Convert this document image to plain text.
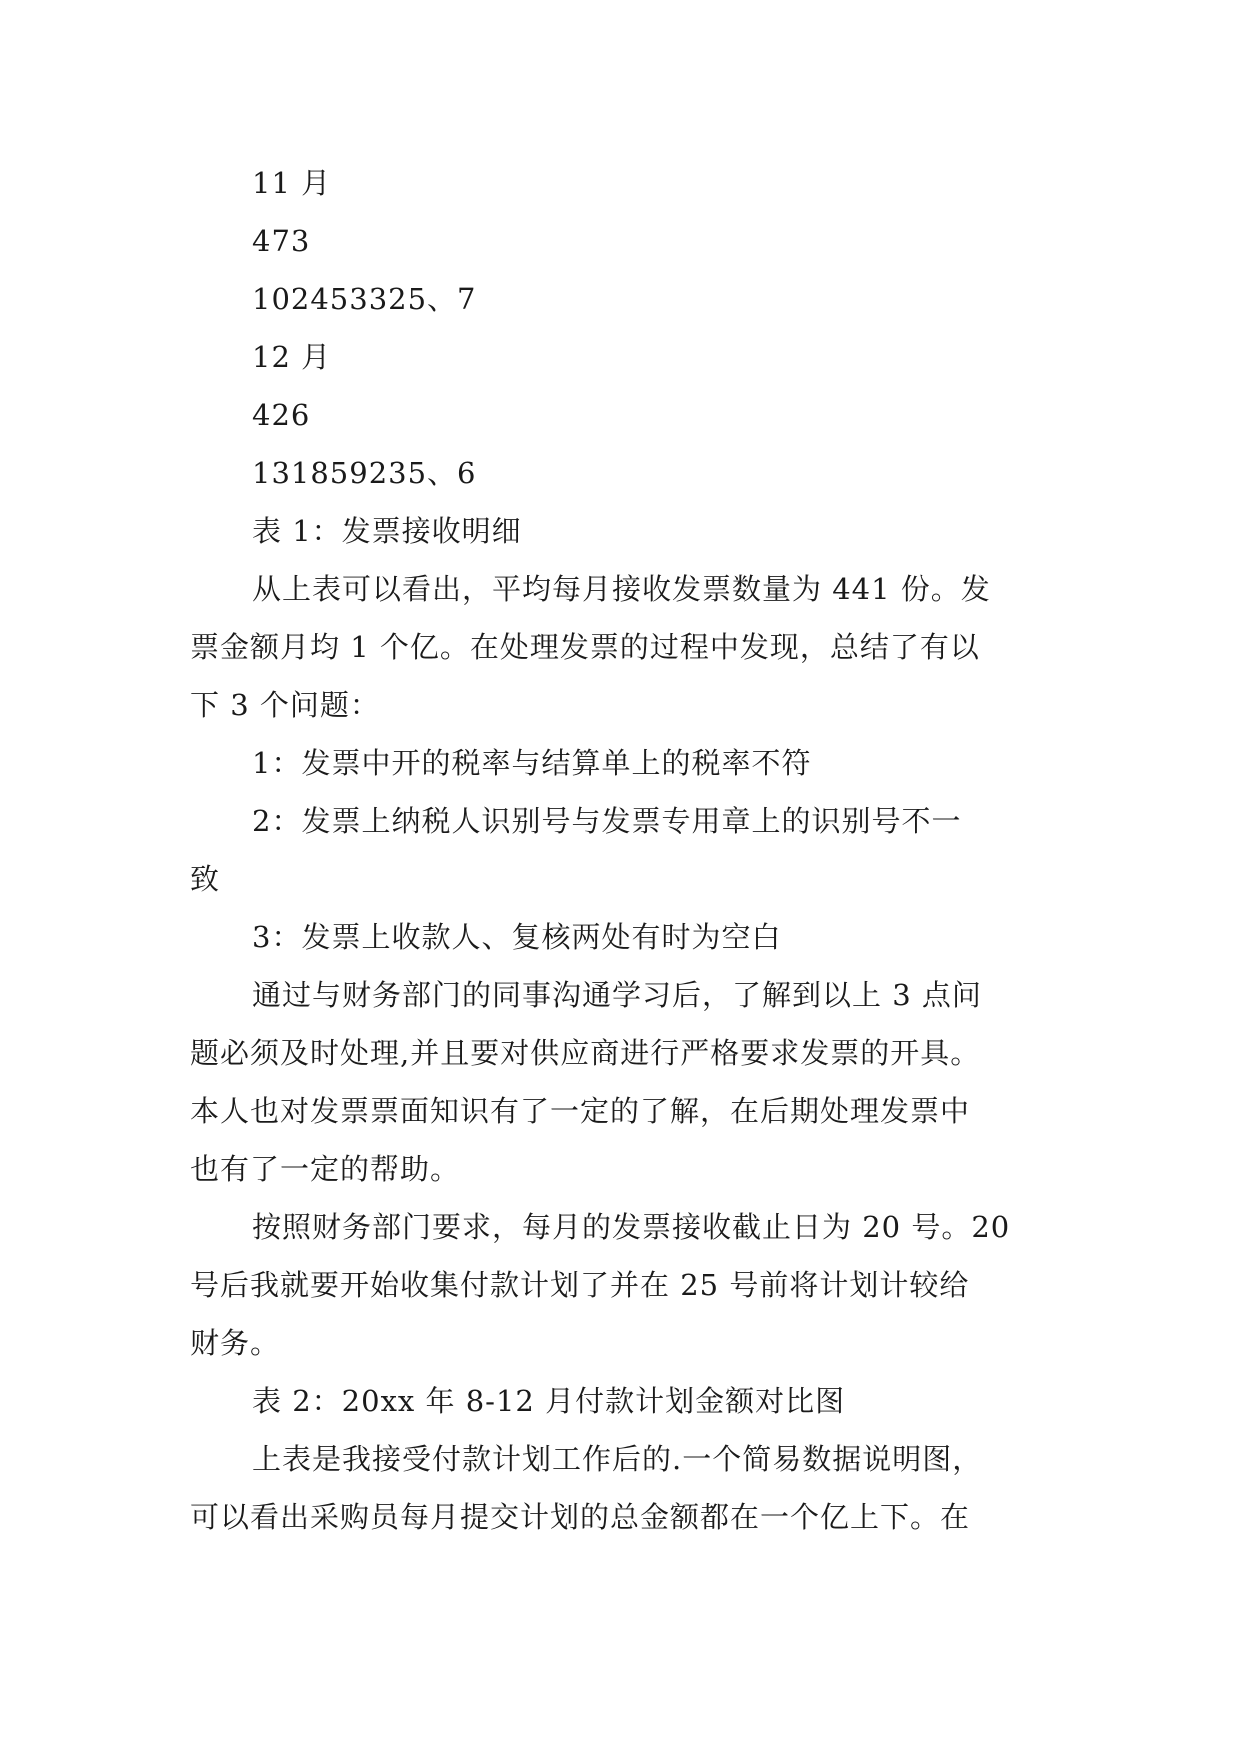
11 月
473
102453325、7
12 月
426
131859235、6
表 1：发票接收明细
从上表可以看出，平均每月接收发票数量为 441 份。发
票金额月均 1 个亿。在处理发票的过程中发现，总结了有以
下 3 个问题：
1：发票中开的税率与结算单上的税率不符
2：发票上纳税人识别号与发票专用章上的识别号不一
致
3：发票上收款人、复核两处有时为空白
通过与财务部门的同事沟通学习后，了解到以上 3 点问
题必须及时处理,并且要对供应商进行严格要求发票的开具。
本人也对发票票面知识有了一定的了解，在后期处理发票中
也有了一定的帮助。
按照财务部门要求，每月的发票接收截止日为 20 号。20
号后我就要开始收集付款计划了并在 25 号前将计划计较给
财务。
表 2：20xx 年 8-12 月付款计划金额对比图
上表是我接受付款计划工作后的.一个简易数据说明图，
可以看出采购员每月提交计划的总金额都在一个亿上下。在
